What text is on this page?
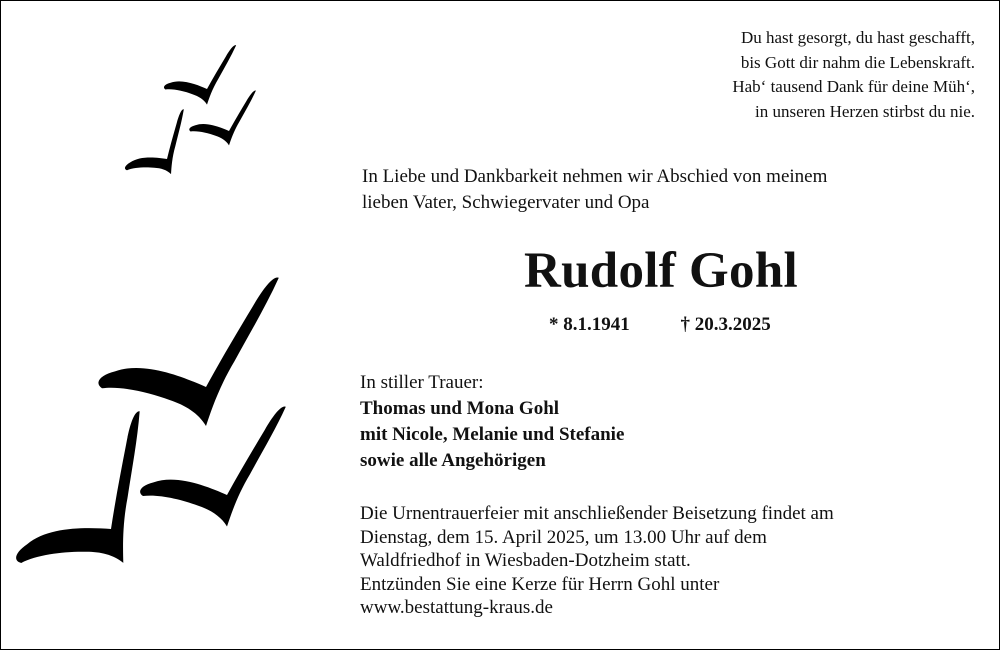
Du hast gesorgt, du hast geschafft,
bis Gott dir nahm die Lebenskraft.
Hab‘ tausend Dank für deine Müh‘,
in unseren Herzen stirbst du nie.
In Liebe und Dankbarkeit nehmen wir Abschied von meinem
lieben Vater, Schwiegervater und Opa
Rudolf Gohl
* 8.1.1941	† 20.3.2025
In stiller Trauer:
Thomas und Mona Gohl
mit Nicole, Melanie und Stefanie
sowie alle Angehörigen
Die Urnentrauerfeier mit anschließender Beisetzung findet am
Dienstag, dem 15. April 2025, um 13.00 Uhr auf dem
Waldfriedhof in Wiesbaden-Dotzheim statt.
Entzünden Sie eine Kerze für Herrn Gohl unter
www.bestattung-kraus.de
